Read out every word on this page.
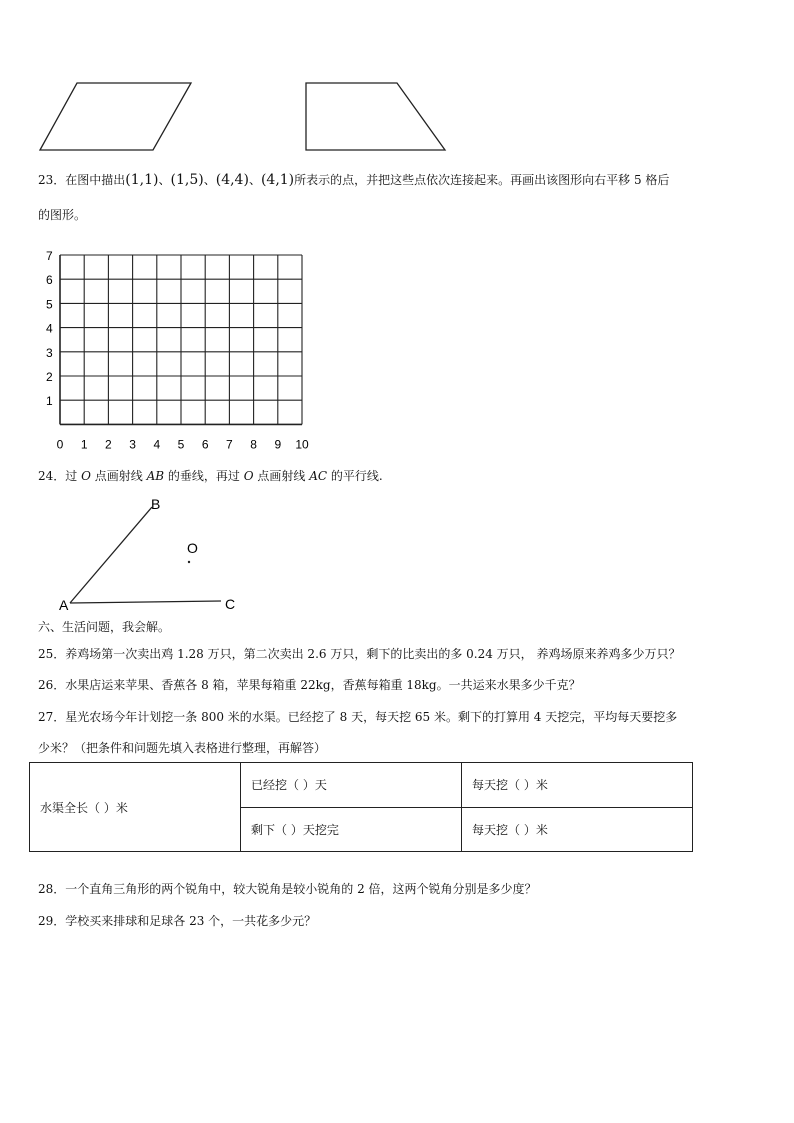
23．在图中描出(1,1)、(1,5)、(4,4)、(4,1)所表示的点，并把这些点依次连接起来。再画出该图形向右平移 5 格后
的图形。
7
6
5
4
3
2
1
0 1 2 3 4 5 6 7 8 9 10
24．过 O 点画射线 AB 的垂线，再过 O 点画射线 AC 的平行线.
A
B
C
O
六、生活问题，我会解。
25．养鸡场第一次卖出鸡 1.28 万只，第二次卖出 2.6 万只，剩下的比卖出的多 0.24 万只， 养鸡场原来养鸡多少万只？
26．水果店运来苹果、香蕉各 8 箱，苹果每箱重 22kg，香蕉每箱重 18kg。一共运来水果多少千克？
27．星光农场今年计划挖一条 800 米的水渠。已经挖了 8 天，每天挖 65 米。剩下的打算用 4 天挖完，平均每天要挖多
少米？（把条件和问题先填入表格进行整理，再解答）
水渠全长（ ）米	已经挖（ ）天	每天挖（ ）米
	剩下（ ）天挖完	每天挖（ ）米
28．一个直角三角形的两个锐角中，较大锐角是较小锐角的 2 倍，这两个锐角分别是多少度？
29．学校买来排球和足球各 23 个，一共花多少元？
